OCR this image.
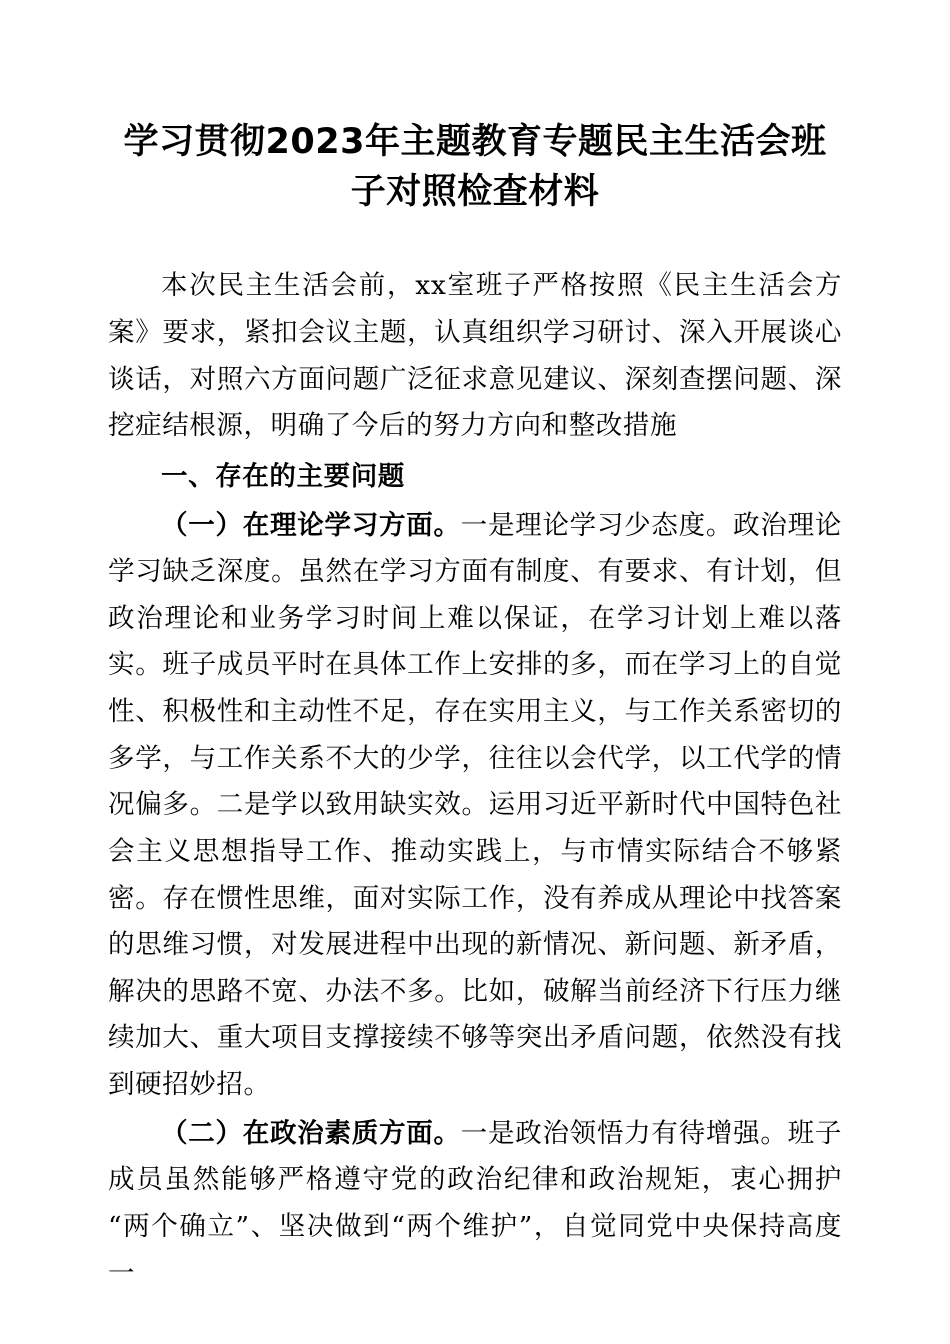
学习贯彻2023年主题教育专题民主生活会班子对照检查材料

本次民主生活会前，xx室班子严格按照《民主生活会方案》要求，紧扣会议主题，认真组织学习研讨、深入开展谈心谈话，对照六方面问题广泛征求意见建议、深刻查摆问题、深挖症结根源，明确了今后的努力方向和整改措施

一、存在的主要问题

（一）在理论学习方面。一是理论学习少态度。政治理论学习缺乏深度。虽然在学习方面有制度、有要求、有计划，但政治理论和业务学习时间上难以保证，在学习计划上难以落实。班子成员平时在具体工作上安排的多，而在学习上的自觉性、积极性和主动性不足，存在实用主义，与工作关系密切的多学，与工作关系不大的少学，往往以会代学，以工代学的情况偏多。二是学以致用缺实效。运用习近平新时代中国特色社会主义思想指导工作、推动实践上，与市情实际结合不够紧密。存在惯性思维，面对实际工作，没有养成从理论中找答案的思维习惯，对发展进程中出现的新情况、新问题、新矛盾，解决的思路不宽、办法不多。比如，破解当前经济下行压力继续加大、重大项目支撑接续不够等突出矛盾问题，依然没有找到硬招妙招。

（二）在政治素质方面。一是政治领悟力有待增强。班子成员虽然能够严格遵守党的政治纪律和政治规矩，衷心拥护“两个确立”、坚决做到“两个维护”，自觉同党中央保持高度一
